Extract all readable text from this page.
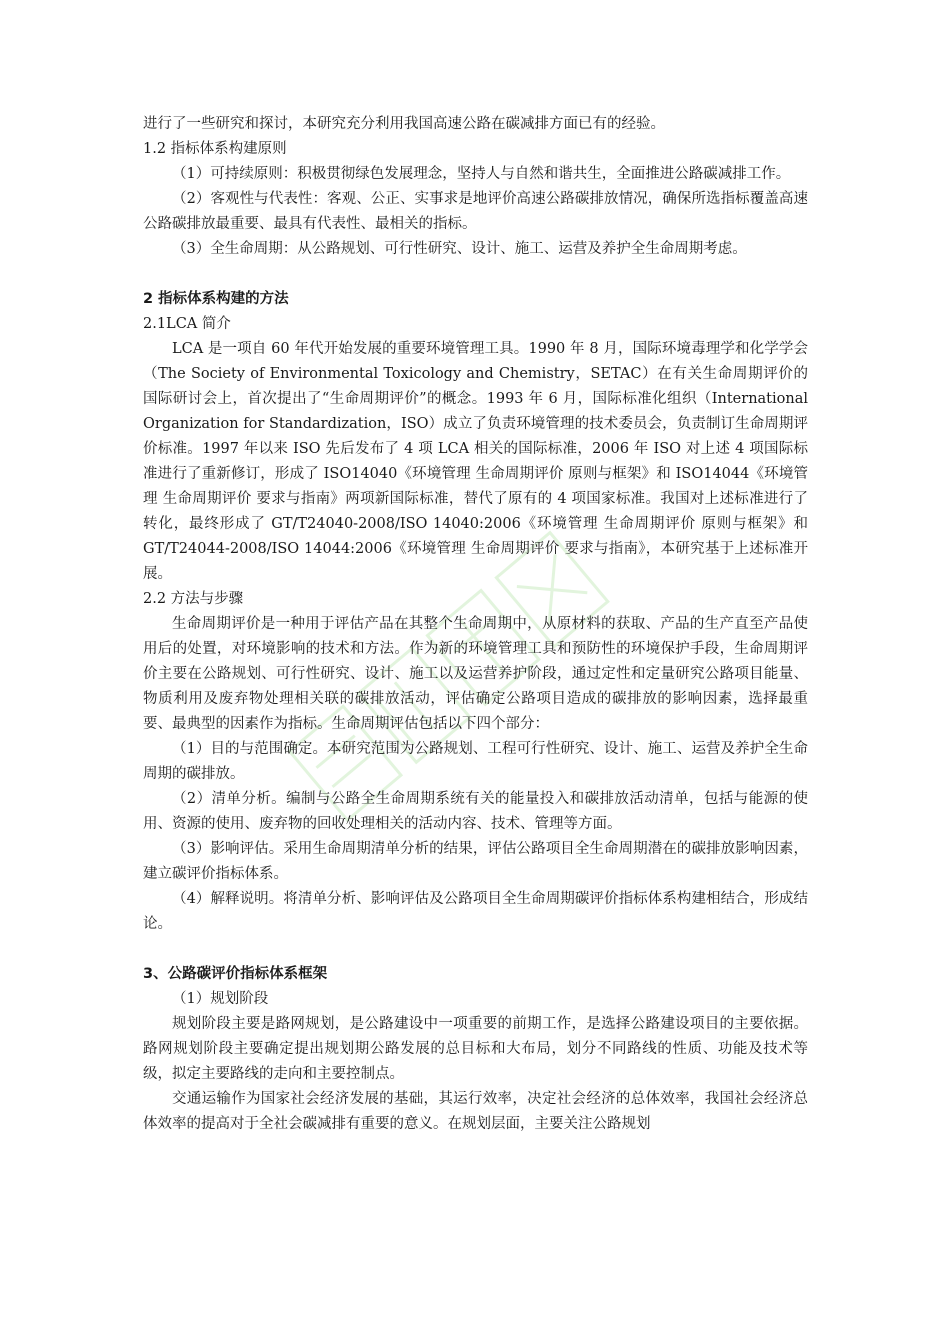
进行了一些研究和探讨，本研究充分利用我国高速公路在碳减排方面已有的经验。

1.2 指标体系构建原则

（1）可持续原则：积极贯彻绿色发展理念，坚持人与自然和谐共生，全面推进公路碳减排工作。

（2）客观性与代表性：客观、公正、实事求是地评价高速公路碳排放情况，确保所选指标覆盖高速公路碳排放最重要、最具有代表性、最相关的指标。

（3）全生命周期：从公路规划、可行性研究、设计、施工、运营及养护全生命周期考虑。

2 指标体系构建的方法

2.1LCA 简介

LCA 是一项自 60 年代开始发展的重要环境管理工具。1990 年 8 月，国际环境毒理学和化学学会（The Society of Environmental Toxicology and Chemistry，SETAC）在有关生命周期评价的国际研讨会上，首次提出了“生命周期评价”的概念。1993 年 6 月，国际标准化组织（International Organization for Standardization，ISO）成立了负责环境管理的技术委员会，负责制订生命周期评价标准。1997 年以来 ISO 先后发布了 4 项 LCA 相关的国际标准，2006 年 ISO 对上述 4 项国际标准进行了重新修订，形成了 ISO14040《环境管理 生命周期评价 原则与框架》和 ISO14044《环境管理 生命周期评价 要求与指南》两项新国际标准，替代了原有的 4 项国家标准。我国对上述标准进行了转化，最终形成了 GT/T24040-2008/ISO 14040:2006《环境管理 生命周期评价 原则与框架》和 GT/T24044-2008/ISO 14044:2006《环境管理 生命周期评价 要求与指南》，本研究基于上述标准开展。

2.2 方法与步骤

生命周期评价是一种用于评估产品在其整个生命周期中，从原材料的获取、产品的生产直至产品使用后的处置，对环境影响的技术和方法。作为新的环境管理工具和预防性的环境保护手段，生命周期评价主要在公路规划、可行性研究、设计、施工以及运营养护阶段，通过定性和定量研究公路项目能量、物质利用及废弃物处理相关联的碳排放活动，评估确定公路项目造成的碳排放的影响因素，选择最重要、最典型的因素作为指标。生命周期评估包括以下四个部分：

（1）目的与范围确定。本研究范围为公路规划、工程可行性研究、设计、施工、运营及养护全生命周期的碳排放。

（2）清单分析。编制与公路全生命周期系统有关的能量投入和碳排放活动清单，包括与能源的使用、资源的使用、废弃物的回收处理相关的活动内容、技术、管理等方面。

（3）影响评估。采用生命周期清单分析的结果，评估公路项目全生命周期潜在的碳排放影响因素，建立碳评价指标体系。

（4）解释说明。将清单分析、影响评估及公路项目全生命周期碳评价指标体系构建相结合，形成结论。

3、公路碳评价指标体系框架

（1）规划阶段

规划阶段主要是路网规划，是公路建设中一项重要的前期工作，是选择公路建设项目的主要依据。路网规划阶段主要确定提出规划期公路发展的总目标和大布局，划分不同路线的性质、功能及技术等级，拟定主要路线的走向和主要控制点。

交通运输作为国家社会经济发展的基础，其运行效率，决定社会经济的总体效率，我国社会经济总体效率的提高对于全社会碳减排有重要的意义。在规划层面，主要关注公路规划
